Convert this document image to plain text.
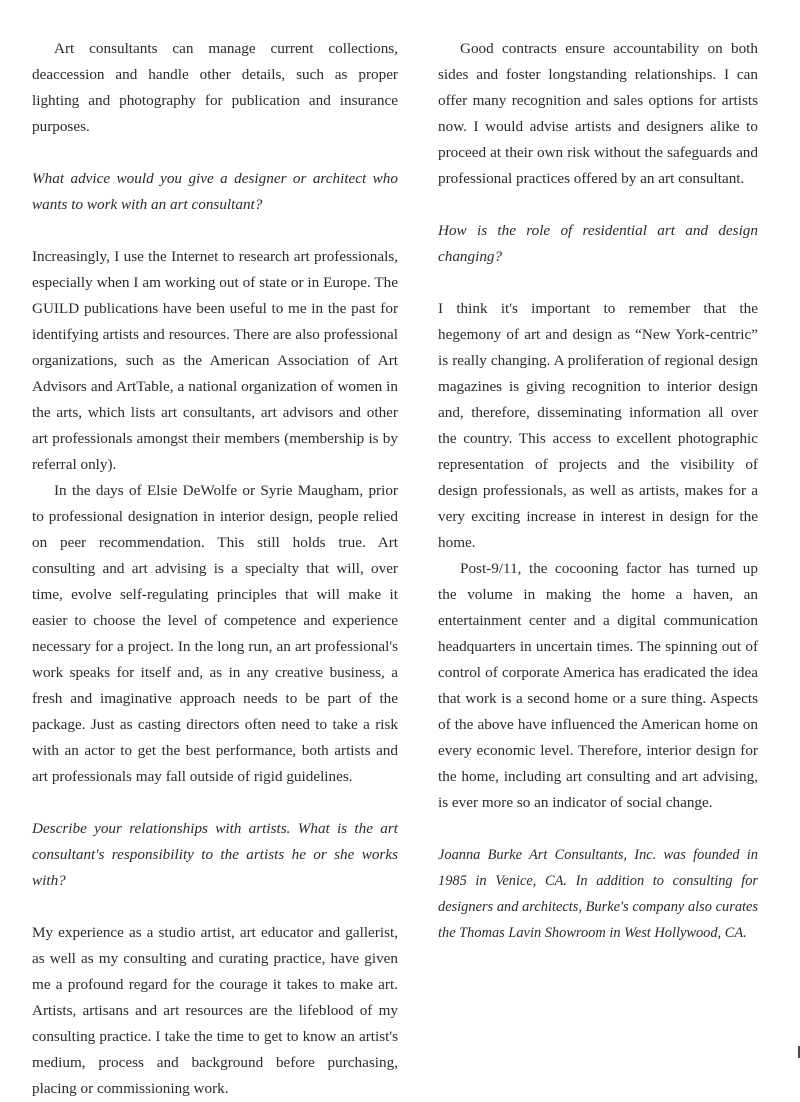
Art consultants can manage current collections, deaccession and handle other details, such as proper lighting and photography for publication and insurance purposes.

What advice would you give a designer or architect who wants to work with an art consultant?

Increasingly, I use the Internet to research art professionals, especially when I am working out of state or in Europe. The GUILD publications have been useful to me in the past for identifying artists and resources. There are also professional organizations, such as the American Association of Art Advisors and ArtTable, a national organization of women in the arts, which lists art consultants, art advisors and other art professionals amongst their members (membership is by referral only).

In the days of Elsie DeWolfe or Syrie Maugham, prior to professional designation in interior design, people relied on peer recommendation. This still holds true. Art consulting and art advising is a specialty that will, over time, evolve self-regulating principles that will make it easier to choose the level of competence and experience necessary for a project. In the long run, an art professional's work speaks for itself and, as in any creative business, a fresh and imaginative approach needs to be part of the package. Just as casting directors often need to take a risk with an actor to get the best performance, both artists and art professionals may fall outside of rigid guidelines.

Describe your relationships with artists. What is the art consultant's responsibility to the artists he or she works with?

My experience as a studio artist, art educator and gallerist, as well as my consulting and curating practice, have given me a profound regard for the courage it takes to make art. Artists, artisans and art resources are the lifeblood of my consulting practice. I take the time to get to know an artist's medium, process and background before purchasing, placing or commissioning work.

Good contracts ensure accountability on both sides and foster longstanding relationships. I can offer many recognition and sales options for artists now. I would advise artists and designers alike to proceed at their own risk without the safeguards and professional practices offered by an art consultant.

How is the role of residential art and design changing?

I think it's important to remember that the hegemony of art and design as “New York-centric” is really changing. A proliferation of regional design magazines is giving recognition to interior design and, therefore, disseminating information all over the country. This access to excellent photographic representation of projects and the visibility of design professionals, as well as artists, makes for a very exciting increase in interest in design for the home.

Post-9/11, the cocooning factor has turned up the volume in making the home a haven, an entertainment center and a digital communication headquarters in uncertain times. The spinning out of control of corporate America has eradicated the idea that work is a second home or a sure thing. Aspects of the above have influenced the American home on every economic level. Therefore, interior design for the home, including art consulting and art advising, is ever more so an indicator of social change.

Joanna Burke Art Consultants, Inc. was founded in 1985 in Venice, CA. In addition to consulting for designers and architects, Burke's company also curates the Thomas Lavin Showroom in West Hollywood, CA.
